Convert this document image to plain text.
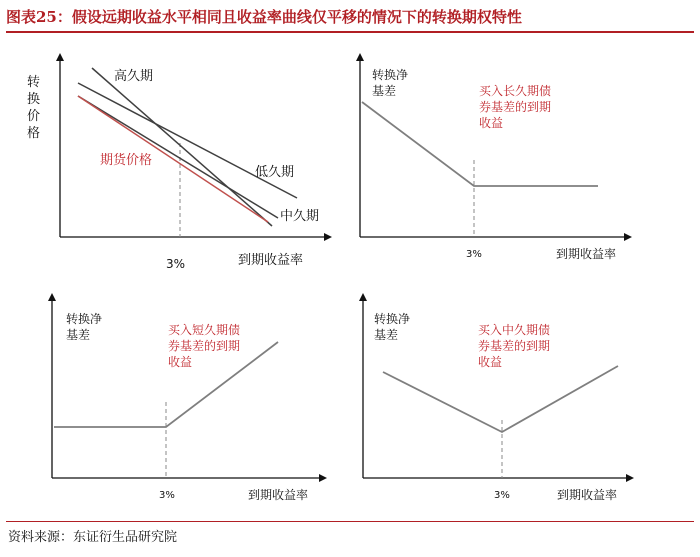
图表25：假设远期收益水平相同且收益率曲线仅平移的情况下的转换期权特性
转
换
价
格
高久期
低久期
中久期
期货价格
3%	到期收益率
转换净
基差	买入长久期债
券基差的到期
收益
3%	到期收益率
转换净
基差	买入短久期债
券基差的到期
收益
3%	到期收益率
转换净
基差	买入中久期债
券基差的到期
收益
3%	到期收益率
资料来源：东证衍生品研究院
